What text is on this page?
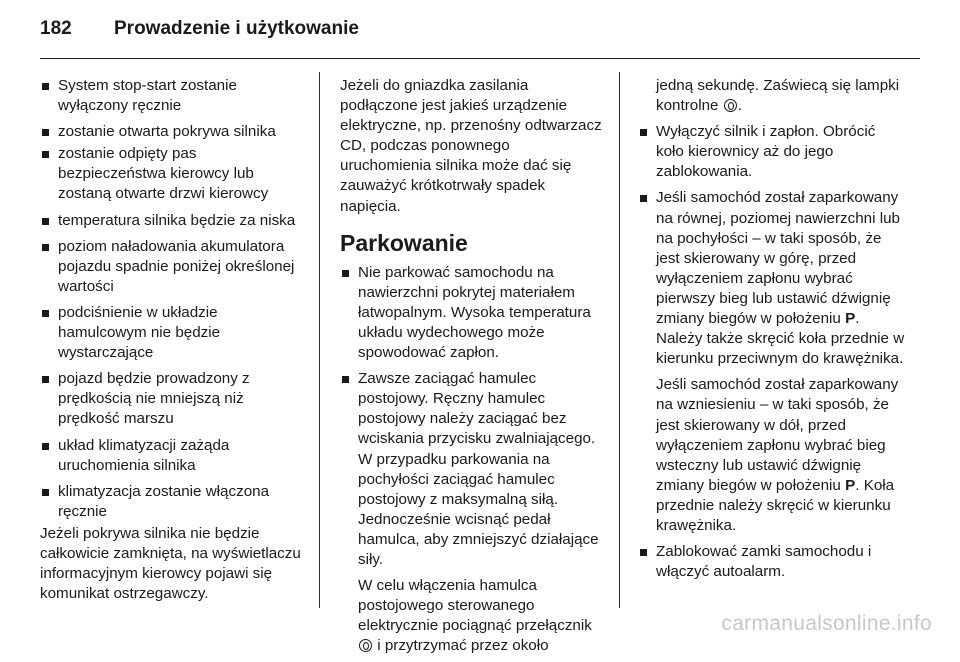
182	Prowadzenie i użytkowanie
System stop-start zostanie wyłączony ręcznie
zostanie otwarta pokrywa silnika
zostanie odpięty pas bezpieczeństwa kierowcy lub zostaną otwarte drzwi kierowcy
temperatura silnika będzie za niska
poziom naładowania akumulatora pojazdu spadnie poniżej określonej wartości
podciśnienie w układzie hamulcowym nie będzie wystarczające
pojazd będzie prowadzony z prędkością nie mniejszą niż prędkość marszu
układ klimatyzacji zażąda uruchomienia silnika
klimatyzacja zostanie włączona ręcznie

Jeżeli pokrywa silnika nie będzie całkowicie zamknięta, na wyświetlaczu informacyjnym kierowcy pojawi się komunikat ostrzegawczy.

Jeżeli do gniazdka zasilania podłączone jest jakieś urządzenie elektryczne, np. przenośny odtwarzacz CD, podczas ponownego uruchomienia silnika może dać się zauważyć krótkotrwały spadek napięcia.

Parkowanie
Nie parkować samochodu na nawierzchni pokrytej materiałem łatwopalnym. Wysoka temperatura układu wydechowego może spowodować zapłon.
Zawsze zaciągać hamulec postojowy. Ręczny hamulec postojowy należy zaciągać bez wciskania przycisku zwalniającego. W przypadku parkowania na pochyłości zaciągać hamulec postojowy z maksymalną siłą. Jednocześnie wcisnąć pedał hamulca, aby zmniejszyć działające siły.

W celu włączenia hamulca postojowego sterowanego elektrycznie pociągnąć przełącznik  i przytrzymać przez około

jedną sekundę. Zaświecą się lampki kontrolne .

Wyłączyć silnik i zapłon. Obrócić koło kierownicy aż do jego zablokowania.
Jeśli samochód został zaparkowany na równej, poziomej nawierzchni lub na pochyłości – w taki sposób, że jest skierowany w górę, przed wyłączeniem zapłonu wybrać pierwszy bieg lub ustawić dźwignię zmiany biegów w położeniu P. Należy także skręcić koła przednie w kierunku przeciwnym do krawężnika.

Jeśli samochód został zaparkowany na wzniesieniu – w taki sposób, że jest skierowany w dół, przed wyłączeniem zapłonu wybrać bieg wsteczny lub ustawić dźwignię zmiany biegów w położeniu P. Koła przednie należy skręcić w kierunku krawężnika.

Zablokować zamki samochodu i włączyć autoalarm.
carmanualsonline.info
